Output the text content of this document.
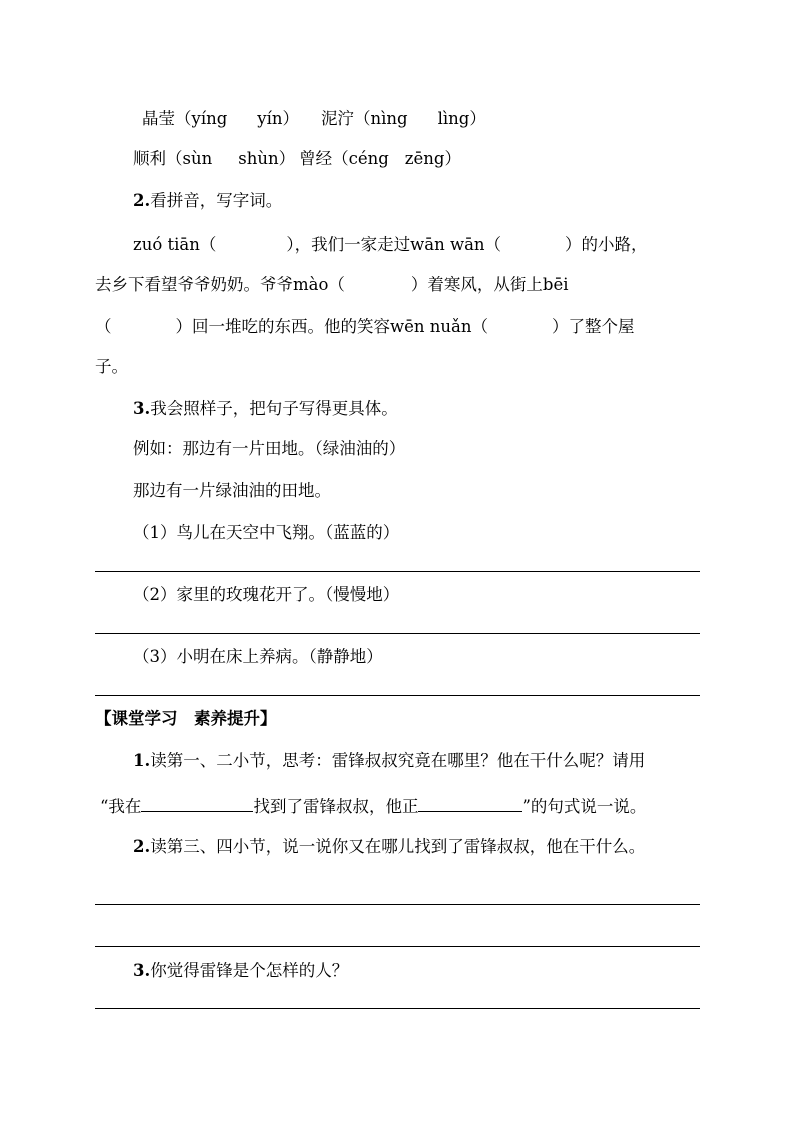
晶莹（yíng yín） 泥泞（nìng lìng）
顺利（sùn shùn） 曾经（céng zēng）
2.看拼音，写字词。
zuó tiān（	），我们一家走过wān wān（	）的小路，
去乡下看望爷爷奶奶。爷爷mào（	）着寒风，从街上bēi
（	）回一堆吃的东西。他的笑容wēn nuǎn（	）了整个屋
子。
3.我会照样子，把句子写得更具体。
例如：那边有一片田地。（绿油油的）
那边有一片绿油油的田地。
（1）鸟儿在天空中飞翔。（蓝蓝的）
（2）家里的玫瑰花开了。（慢慢地）
（3）小明在床上养病。（静静地）
【课堂学习　素养提升】
1.读第一、二小节，思考：雷锋叔叔究竟在哪里？他在干什么呢？请用
“我在	找到了雷锋叔叔，他正	”的句式说一说。
2.读第三、四小节，说一说你又在哪儿找到了雷锋叔叔，他在干什么。
3.你觉得雷锋是个怎样的人？
